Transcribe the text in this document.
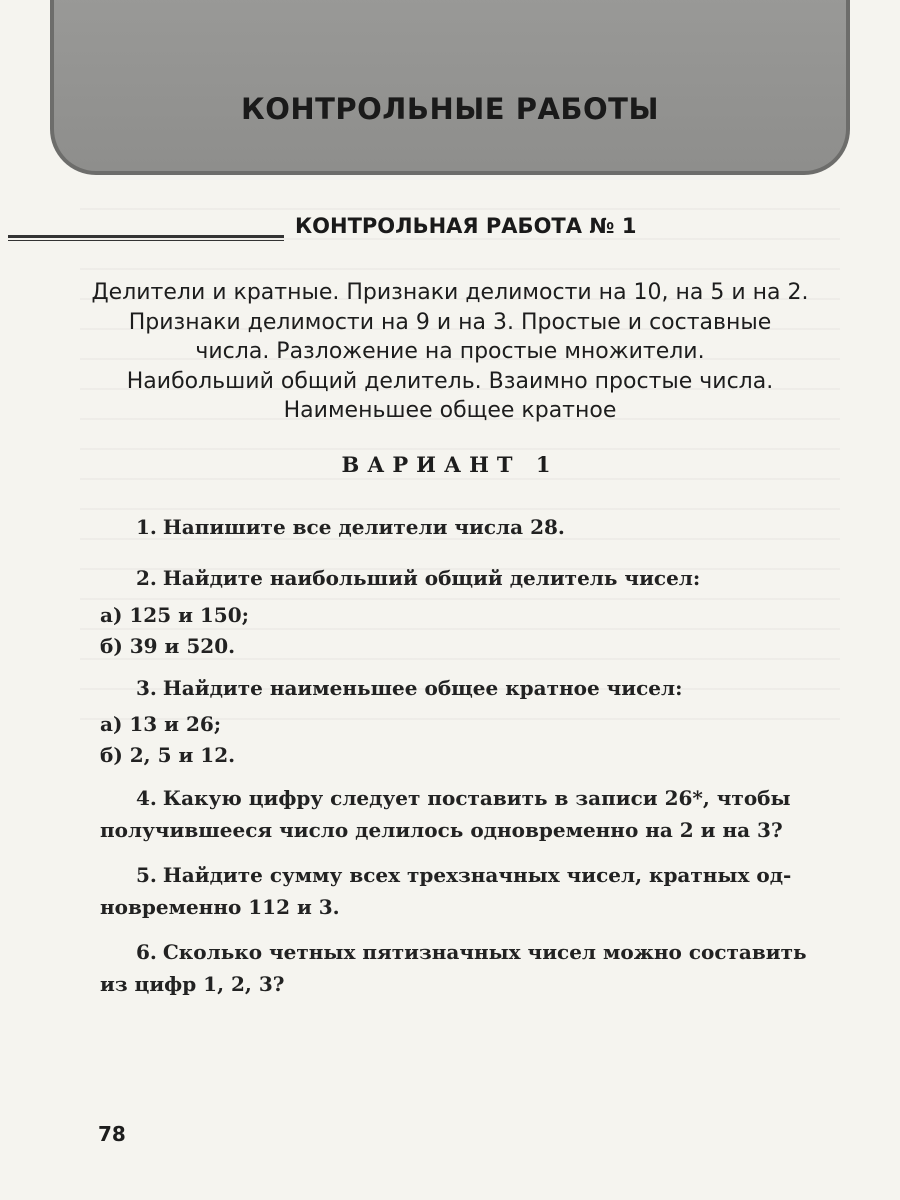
КОНТРОЛЬНЫЕ РАБОТЫ
КОНТРОЛЬНАЯ РАБОТА № 1
Делители и кратные. Признаки делимости на 10, на 5 и на 2.
Признаки делимости на 9 и на 3. Простые и составные
числа. Разложение на простые множители.
Наибольший общий делитель. Взаимно простые числа.
Наименьшее общее кратное
ВАРИАНТ 1
1. Напишите все делители числа 28.
2. Найдите наибольший общий делитель чисел:
а) 125 и 150;
б) 39 и 520.
3. Найдите наименьшее общее кратное чисел:
а) 13 и 26;
б) 2, 5 и 12.
4. Какую цифру следует поставить в записи 26*, чтобы
получившееся число делилось одновременно на 2 и на 3?
5. Найдите сумму всех трехзначных чисел, кратных од-
новременно 112 и 3.
6. Сколько четных пятизначных чисел можно составить
из цифр 1, 2, 3?
78
